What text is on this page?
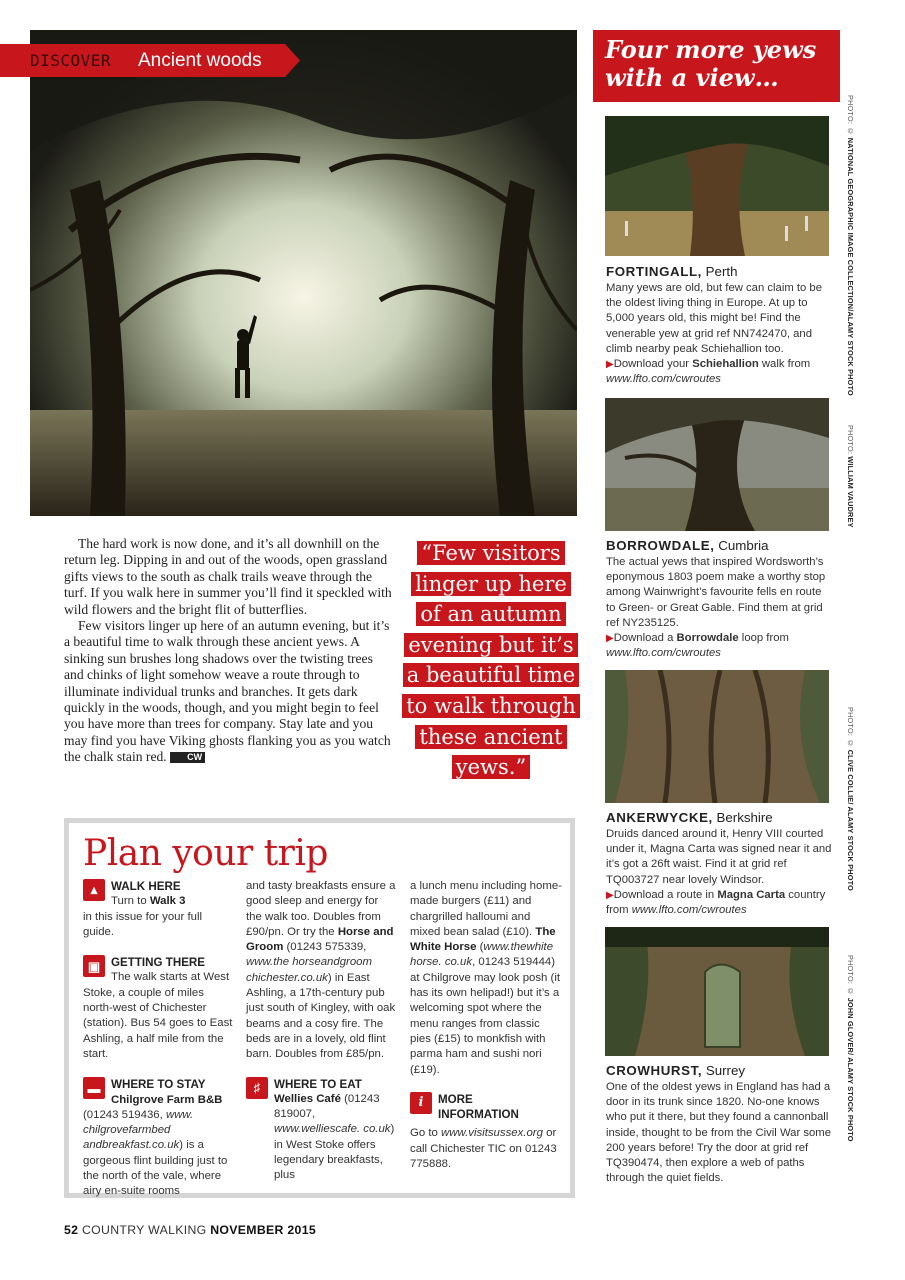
DISCOVER Ancient woods

The hard work is now done, and it’s all downhill on the return leg. Dipping in and out of the woods, open grassland gifts views to the south as chalk trails weave through the turf. If you walk here in summer you’ll find it speckled with wild flowers and the bright flit of butterflies.

Few visitors linger up here of an autumn evening, but it’s a beautiful time to walk through these ancient yews. A sinking sun brushes long shadows over the twisting trees and chinks of light somehow weave a route through to illuminate individual trunks and branches. It gets dark quickly in the woods, though, and you might begin to feel you have more than trees for company. Stay late and you may find you have Viking ghosts flanking you as you watch the chalk stain red. CW

“Few visitors linger up here of an autumn evening but it’s a beautiful time to walk through these ancient yews.”
Plan your trip
▴	WALK HERE

Turn to Walk 3

in this issue for your full guide.

▣ GETTING THERE

The walk starts at West Stoke, a couple of miles north-west of Chichester (station). Bus 54 goes to East Ashling, a half mile from the start.

▬ WHERE TO STAY

Chilgrove Farm B&B

(01243 519436, www. chilgrovefarmbed andbreakfast.co.uk) is a gorgeous flint building just to the north of the vale, where airy en-suite rooms

and tasty breakfasts ensure a good sleep and energy for the walk too. Doubles from £90/pn. Or try the Horse and Groom (01243 575339, www.the horseandgroom chichester.co.uk) in East Ashling, a 17th-century pub just south of Kingley, with oak beams and a cosy fire. The beds are in a lovely, old flint barn. Doubles from £85/pn.

♯	WHERE TO EAT

Wellies Café (01243 819007, www.welliescafe. co.uk) in West Stoke offers legendary breakfasts, plus

a lunch menu including home-made burgers (£11) and chargrilled halloumi and mixed bean salad (£10). The White Horse (www.thewhite horse. co.uk, 01243 519444) at Chilgrove may look posh (it has its own helipad!) but it’s a welcoming spot where the menu ranges from classic pies (£15) to monkfish with parma ham and sushi nori (£19).

i	MORE INFORMATION

Go to www.visitsussex.org or call Chichester TIC on 01243 775888.

Four more yews with a view…
PHOTO: © NATIONAL GEOGRAPHIC IMAGE COLLECTION/ALAMY STOCK PHOTO
FORTINGALL, Perth
Many yews are old, but few can claim to be the oldest living thing in Europe. At up to 5,000 years old, this might be! Find the venerable yew at grid ref NN742470, and climb nearby peak Schiehallion too.
▶Download your Schiehallion walk from www.lfto.com/cwroutes
PHOTO: WILLIAM VAUDREY
BORROWDALE, Cumbria
The actual yews that inspired Wordsworth’s eponymous 1803 poem make a worthy stop among Wainwright’s favourite fells en route to Green- or Great Gable. Find them at grid ref NY235125.
▶Download a Borrowdale loop from www.lfto.com/cwroutes
PHOTO: © CLIVE COLLIE/ ALAMY STOCK PHOTO
ANKERWYCKE, Berkshire
Druids danced around it, Henry VIII courted under it, Magna Carta was signed near it and it’s got a 26ft waist. Find it at grid ref TQ003727 near lovely Windsor.
▶Download a route in Magna Carta country from www.lfto.com/cwroutes
PHOTO: © JOHN GLOVER/ ALAMY STOCK PHOTO
CROWHURST, Surrey
One of the oldest yews in England has had a door in its trunk since 1820. No-one knows who put it there, but they found a cannonball inside, thought to be from the Civil War some 200 years before! Try the door at grid ref TQ390474, then explore a web of paths through the quiet fields.
52 COUNTRY WALKING NOVEMBER 2015
